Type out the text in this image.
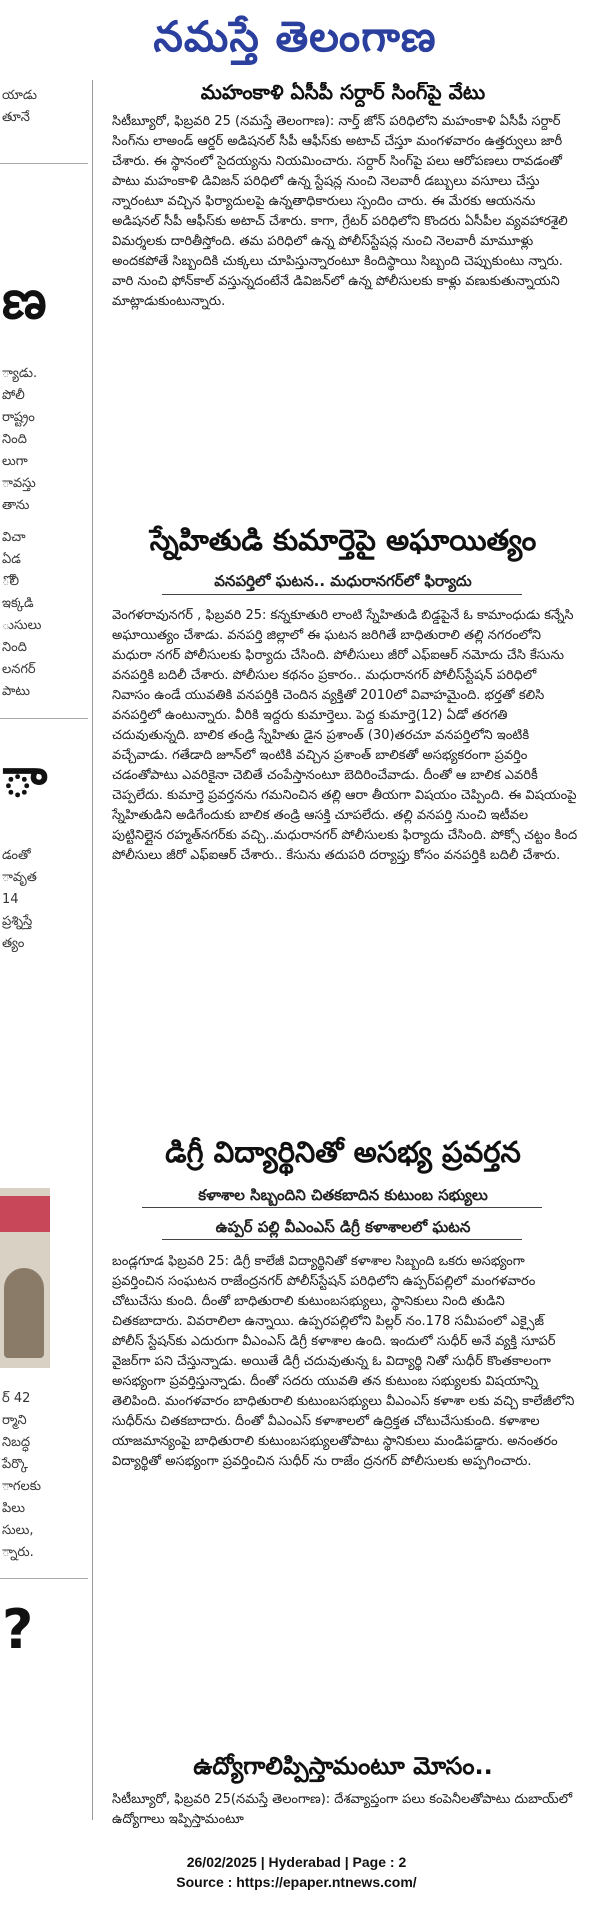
నమస్తే తెలంగాణ
యాడు
తూనే
ణ
్యాడు.
పోలీ
రాష్ట్రం
నింది
లుగా
ావస్తు
తాను
విచా
ఏడ
ోలీ
ఇక్కడి
ుసులు
నింది
లనగర్
పాటు
ా
డంతో
ావృత
14
ప్రశ్నిస్తే
త్యం
ర్ 42
ర్మాని
నిబద్ధ
పేర్కొ
ాగలకు
పిలు
సులు,
్నారు.
?
మహంకాళి ఏసీపీ సర్దార్ సింగ్‌పై వేటు

సిటీబ్యూరో, ఫిబ్రవరి 25 (నమస్తే తెలంగాణ): నార్త్ జోన్ పరిధిలోని మహంకాళి ఏసీపీ సర్దార్ సింగ్‌ను లాఅండ్ ఆర్డర్ అడిషనల్ సీపీ ఆఫీస్‌కు అటాచ్ చేస్తూ మంగళవారం ఉత్తర్వులు జారీ చేశారు. ఈ స్థానంలో సైదయ్యను నియమించారు. సర్దార్ సింగ్‌పై పలు ఆరోపణలు రావడంతో పాటు మహంకాళి డివిజన్ పరిధిలో ఉన్న స్టేషన్ల నుంచి నెలవారీ డబ్బులు వసూలు చేస్తు న్నారంటూ వచ్చిన ఫిర్యాదులపై ఉన్నతాధికారులు స్పందిం చారు. ఈ మేరకు ఆయనను అడిషనల్ సీపీ ఆఫీస్‌కు అటాచ్ చేశారు. కాగా, గ్రేటర్ పరిధిలోని కొందరు ఏసీపీల వ్యవహారశైలి విమర్శలకు దారితీస్తోంది. తమ పరిధిలో ఉన్న పోలీస్‌స్టేషన్ల నుంచి నెలవారీ మామూళ్లు అందకపోతే సిబ్బందికి చుక్కలు చూపిస్తున్నారంటూ కిందిస్థాయి సిబ్బంది చెప్పుకుంటు న్నారు. వారి నుంచి ఫోన్‌కాల్ వస్తున్నదంటేనే డివిజన్‌లో ఉన్న పోలీసులకు కాళ్లు వణుకుతున్నాయని మాట్లాడుకుంటున్నారు.

స్నేహితుడి కుమార్తెపై అఘాయిత్యం
వనపర్తిలో ఘటన.. మధురానగర్‌లో ఫిర్యాదు

వెంగళరావునగర్ , ఫిబ్రవరి 25: కన్నకూతురి లాంటి స్నేహితుడి బిడ్డపైనే ఓ కామాంధుడు కన్నేసి అఘాయిత్యం చేశాడు. వనపర్తి జిల్లాలో ఈ ఘటన జరిగితే బాధితురాలి తల్లి నగరంలోని మధురా నగర్ పోలీసులకు ఫిర్యాదు చేసింది. పోలీసులు జీరో ఎఫ్ఐఆర్ నమోదు చేసి కేసును వనపర్తికి బదిలీ చేశారు. పోలీసుల కథనం ప్రకారం.. మధురానగర్ పోలీస్‌స్టేషన్ పరిధిలో నివాసం ఉండే యువతికి వనపర్తికి చెందిన వ్యక్తితో 2010లో వివాహమైంది. భర్తతో కలిసి వనపర్తిలో ఉంటున్నారు. వీరికి ఇద్దరు కుమార్తెలు. పెద్ద కుమార్తె(12) ఏడో తరగతి చదువుతున్నది. బాలిక తండ్రి స్నేహితు డైన ప్రశాంత్ (30)తరచూ వనపర్తిలోని ఇంటికి వచ్చేవాడు. గతేడాది జూన్‌లో ఇంటికి వచ్చిన ప్రశాంత్ బాలికతో అసభ్యకరంగా ప్రవర్తిం చడంతోపాటు ఎవరికైనా చెబితే చంపేస్తానంటూ బెదిరించేవాడు. దీంతో ఆ బాలిక ఎవరికీ చెప్పలేదు. కుమార్తె ప్రవర్తనను గమనించిన తల్లి ఆరా తీయగా విషయం చెప్పింది. ఈ విషయంపై స్నేహితుడిని అడిగేందుకు బాలిక తండ్రి ఆసక్తి చూపలేదు. తల్లి వనపర్తి నుంచి ఇటీవల పుట్టినిల్లైన రహ్మత్‌నగర్‌కు వచ్చి..మధురానగర్ పోలీసులకు ఫిర్యాదు చేసింది. పోక్సో చట్టం కింద పోలీసులు జీరో ఎఫ్ఐఆర్ చేశారు.. కేసును తదుపరి దర్యాప్తు కోసం వనపర్తికి బదిలీ చేశారు.

డిగ్రీ విద్యార్థినితో అసభ్య ప్రవర్తన
కళాశాల సిబ్బందిని చితకబాదిన కుటుంబ సభ్యులు
ఉప్పర్ పల్లి వీఎంఎస్ డిగ్రీ కళాశాలలో ఘటన

బండ్లగూడ ఫిబ్రవరి 25: డిగ్రీ కాలేజీ విద్యార్థినితో కళాశాల సిబ్బంది ఒకరు అసభ్యంగా ప్రవర్తించిన సంఘటన రాజేంద్రనగర్ పోలీస్‌స్టేషన్ పరిధిలోని ఉప్పర్‌పల్లిలో మంగళవారం చోటుచేసు కుంది. దీంతో బాధితురాలి కుటుంబసభ్యులు, స్థానికులు నింది తుడిని చితకబాదారు. వివరాలిలా ఉన్నాయి. ఉప్పరపల్లిలోని పిల్లర్ నం.178 సమీపంలో ఎక్సైజ్ పోలీస్ స్టేషన్‌కు ఎదురుగా వీఎంఎస్ డిగ్రీ కళాశాల ఉంది. ఇందులో సుధీర్ అనే వ్యక్తి సూపర్ వైజర్‌గా పని చేస్తున్నాడు. అయితే డిగ్రీ చదువుతున్న ఓ విద్యార్థి నితో సుధీర్ కొంతకాలంగా అసభ్యంగా ప్రవర్తిస్తున్నాడు. దీంతో సదరు యువతి తన కుటుంబ సభ్యులకు విషయాన్ని తెలిపింది. మంగళవారం బాధితురాలి కుటుంబసభ్యులు వీఎంఎస్ కళాశా లకు వచ్చి కాలేజీలోని సుధీర్‌ను చితకబాదారు. దీంతో వీఎంఎస్ కళాశాలలో ఉద్రిక్తత చోటుచేసుకుంది. కళాశాల యాజమాన్యంపై బాధితురాలి కుటుంబసభ్యులతోపాటు స్థానికులు మండిపడ్డారు. అనంతరం విద్యార్థితో అసభ్యంగా ప్రవర్తించిన సుధీర్ ను రాజేం ద్రనగర్ పోలీసులకు అప్పగించారు.

ఉద్యోగాలిప్పిస్తామంటూ మోసం..

సిటీబ్యూరో, ఫిబ్రవరి 25(నమస్తే తెలంగాణ): దేశవ్యాప్తంగా పలు కంపెనీలతోపాటు దుబాయ్‌లో ఉద్యోగాలు ఇప్పిస్తామంటూ

26/02/2025 | Hyderabad | Page : 2
Source : https://epaper.ntnews.com/
